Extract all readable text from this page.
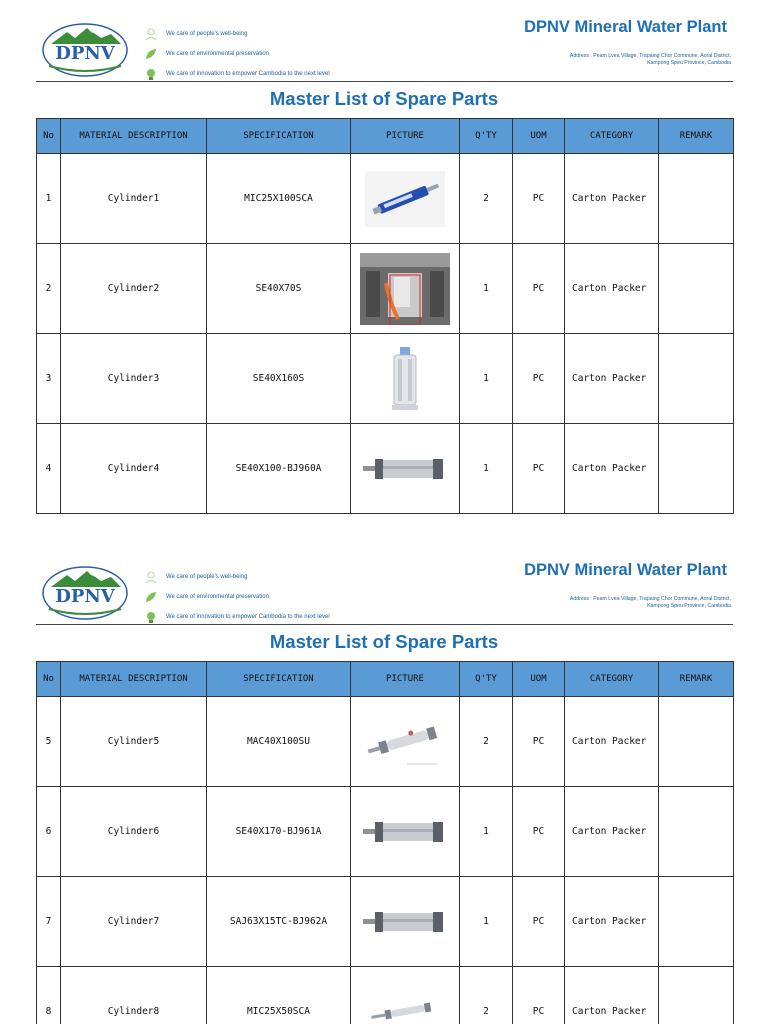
DPNV
We care of people's well-being
We care of environmental preservation
We care of innovation to empower Cambodia to the next level
DPNV Mineral Water Plant
Address : Peam Lvea Village, Trapaing Chor Commune, Aoral District,
Kampong Speu Province, Cambodia
Master List of Spare Parts
No	MATERIAL DESCRIPTION	SPECIFICATION	PICTURE	Q'TY	UOM	CATEGORY	REMARK
1	Cylinder1	MIC25X100SCA		2	PC	Carton Packer	
2	Cylinder2	SE40X70S		1	PC	Carton Packer	
3	Cylinder3	SE40X160S		1	PC	Carton Packer	
4	Cylinder4	SE40X100-BJ960A		1	PC	Carton Packer	
DPNV
We care of people's well-being
We care of environmental preservation
We care of innovation to empower Cambodia to the next level
DPNV Mineral Water Plant
Address : Peam Lvea Village, Trapaing Chor Commune, Aoral District,
Kampong Speu Province, Cambodia
Master List of Spare Parts
No	MATERIAL DESCRIPTION	SPECIFICATION	PICTURE	Q'TY	UOM	CATEGORY	REMARK
5	Cylinder5	MAC40X100SU		2	PC	Carton Packer	
6	Cylinder6	SE40X170-BJ961A		1	PC	Carton Packer	
7	Cylinder7	SAJ63X15TC-BJ962A		1	PC	Carton Packer	
8	Cylinder8	MIC25X50SCA		2	PC	Carton Packer	
